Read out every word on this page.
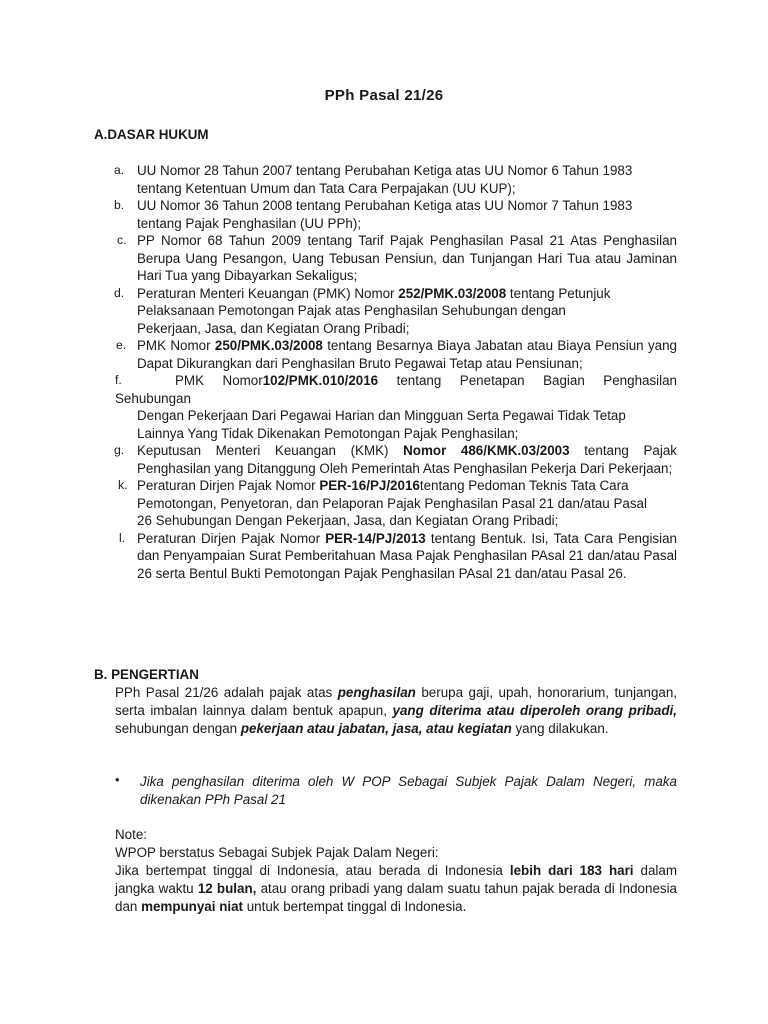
PPh Pasal 21/26
A.DASAR HUKUM
a. UU Nomor 28 Tahun 2007 tentang Perubahan Ketiga atas UU Nomor 6 Tahun 1983
tentang Ketentuan Umum dan Tata Cara Perpajakan (UU KUP);
b. UU Nomor 36 Tahun 2008 tentang Perubahan Ketiga atas UU Nomor 7 Tahun 1983
tentang Pajak Penghasilan (UU PPh);
c. PP Nomor 68 Tahun 2009 tentang Tarif Pajak Penghasilan Pasal 21 Atas Penghasilan Berupa Uang Pesangon, Uang Tebusan Pensiun, dan Tunjangan Hari Tua atau Jaminan Hari Tua yang Dibayarkan Sekaligus;
d. Peraturan Menteri Keuangan (PMK) Nomor 252/PMK.03/2008 tentang Petunjuk
Pelaksanaan Pemotongan Pajak atas Penghasilan Sehubungan dengan
Pekerjaan, Jasa, dan Kegiatan Orang Pribadi;
e. PMK Nomor 250/PMK.03/2008 tentang Besarnya Biaya Jabatan atau Biaya Pensiun yang Dapat Dikurangkan dari Penghasilan Bruto Pegawai Tetap atau Pensiunan;
f.	PMK Nomor102/PMK.010/2016 tentang Penetapan Bagian Penghasilan Sehubungan
Dengan Pekerjaan Dari Pegawai Harian dan Mingguan Serta Pegawai Tidak Tetap
Lainnya Yang Tidak Dikenakan Pemotongan Pajak Penghasilan;
g. Keputusan Menteri Keuangan (KMK) Nomor 486/KMK.03/2003 tentang Pajak Penghasilan yang Ditanggung Oleh Pemerintah Atas Penghasilan Pekerja Dari Pekerjaan;
k. Peraturan Dirjen Pajak Nomor PER-16/PJ/2016tentang Pedoman Teknis Tata Cara
Pemotongan, Penyetoran, dan Pelaporan Pajak Penghasilan Pasal 21 dan/atau Pasal
26 Sehubungan Dengan Pekerjaan, Jasa, dan Kegiatan Orang Pribadi;
l. Peraturan Dirjen Pajak Nomor PER-14/PJ/2013 tentang Bentuk. Isi, Tata Cara Pengisian dan Penyampaian Surat Pemberitahuan Masa Pajak Penghasilan PAsal 21 dan/atau Pasal 26 serta Bentul Bukti Pemotongan Pajak Penghasilan PAsal 21 dan/atau Pasal 26.
B. PENGERTIAN
PPh Pasal 21/26 adalah pajak atas penghasilan berupa gaji, upah, honorarium, tunjangan, serta imbalan lainnya dalam bentuk apapun, yang diterima atau diperoleh orang pribadi, sehubungan dengan pekerjaan atau jabatan, jasa, atau kegiatan yang dilakukan.
• Jika penghasilan diterima oleh W POP Sebagai Subjek Pajak Dalam Negeri, maka dikenakan PPh Pasal 21

Note:

WPOP berstatus Sebagai Subjek Pajak Dalam Negeri:

Jika bertempat tinggal di Indonesia, atau berada di Indonesia lebih dari 183 hari dalam jangka waktu 12 bulan, atau orang pribadi yang dalam suatu tahun pajak berada di Indonesia dan mempunyai niat untuk bertempat tinggal di Indonesia.
